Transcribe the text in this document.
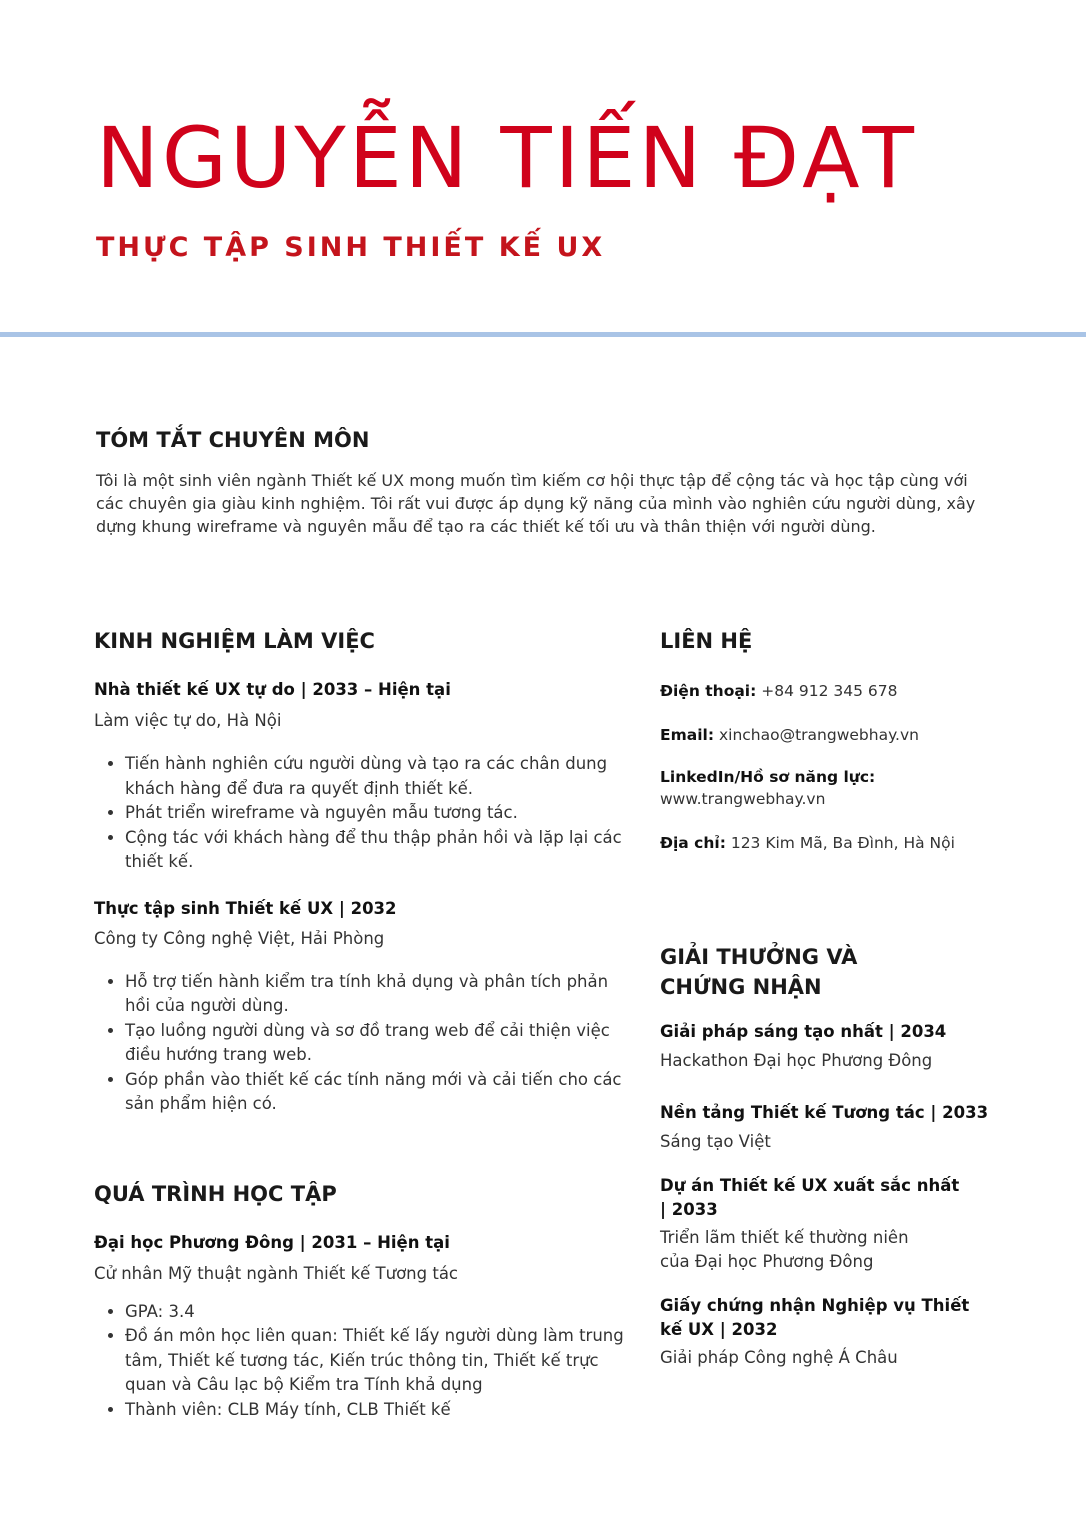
NGUYỄN TIẾN ĐẠT
THỰC TẬP SINH THIẾT KẾ UX
TÓM TẮT CHUYÊN MÔN

Tôi là một sinh viên ngành Thiết kế UX mong muốn tìm kiếm cơ hội thực tập để cộng tác và học tập cùng với các chuyên gia giàu kinh nghiệm. Tôi rất vui được áp dụng kỹ năng của mình vào nghiên cứu người dùng, xây dựng khung wireframe và nguyên mẫu để tạo ra các thiết kế tối ưu và thân thiện với người dùng.

KINH NGHIỆM LÀM VIỆC

Nhà thiết kế UX tự do | 2033 – Hiện tại

Làm việc tự do, Hà Nội

• Tiến hành nghiên cứu người dùng và tạo ra các chân dung khách hàng để đưa ra quyết định thiết kế.
• Phát triển wireframe và nguyên mẫu tương tác.
• Cộng tác với khách hàng để thu thập phản hồi và lặp lại các thiết kế.

Thực tập sinh Thiết kế UX | 2032

Công ty Công nghệ Việt, Hải Phòng

• Hỗ trợ tiến hành kiểm tra tính khả dụng và phân tích phản hồi của người dùng.
• Tạo luồng người dùng và sơ đồ trang web để cải thiện việc điều hướng trang web.
• Góp phần vào thiết kế các tính năng mới và cải tiến cho các sản phẩm hiện có.
QUÁ TRÌNH HỌC TẬP

Đại học Phương Đông | 2031 – Hiện tại

Cử nhân Mỹ thuật ngành Thiết kế Tương tác

• GPA: 3.4
• Đồ án môn học liên quan: Thiết kế lấy người dùng làm trung tâm, Thiết kế tương tác, Kiến trúc thông tin, Thiết kế trực quan và Câu lạc bộ Kiểm tra Tính khả dụng
• Thành viên: CLB Máy tính, CLB Thiết kế
LIÊN HỆ

Điện thoại: +84 912 345 678

Email: xinchao@trangwebhay.vn

LinkedIn/Hồ sơ năng lực:
www.trangwebhay.vn

Địa chỉ: 123 Kim Mã, Ba Đình, Hà Nội

GIẢI THƯỞNG VÀ CHỨNG NHẬN

Giải pháp sáng tạo nhất | 2034

Hackathon Đại học Phương Đông

Nền tảng Thiết kế Tương tác | 2033

Sáng tạo Việt

Dự án Thiết kế UX xuất sắc nhất | 2033

Triển lãm thiết kế thường niên của Đại học Phương Đông

Giấy chứng nhận Nghiệp vụ Thiết kế UX | 2032

Giải pháp Công nghệ Á Châu
